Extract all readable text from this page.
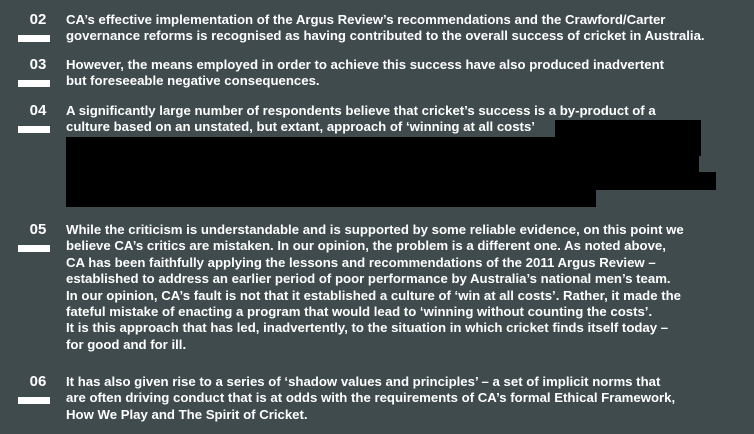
02	CA’s effective implementation of the Argus Review’s recommendations and the Crawford/Carter
governance reforms is recognised as having contributed to the overall success of cricket in Australia.
03	However, the means employed in order to achieve this success have also produced inadvertent
but foreseeable negative consequences.
04	A significantly large number of respondents believe that cricket’s success is a by-product of a
culture based on an unstated, but extant, approach of ‘winning at all costs’
05	While the criticism is understandable and is supported by some reliable evidence, on this point we
believe CA’s critics are mistaken. In our opinion, the problem is a different one. As noted above,
CA has been faithfully applying the lessons and recommendations of the 2011 Argus Review –
established to address an earlier period of poor performance by Australia’s national men’s team.
In our opinion, CA’s fault is not that it established a culture of ‘win at all costs’. Rather, it made the
fateful mistake of enacting a program that would lead to ‘winning without counting the costs’.
It is this approach that has led, inadvertently, to the situation in which cricket finds itself today –
for good and for ill.
06	It has also given rise to a series of ‘shadow values and principles’ – a set of implicit norms that
are often driving conduct that is at odds with the requirements of CA’s formal Ethical Framework,
How We Play and The Spirit of Cricket.
